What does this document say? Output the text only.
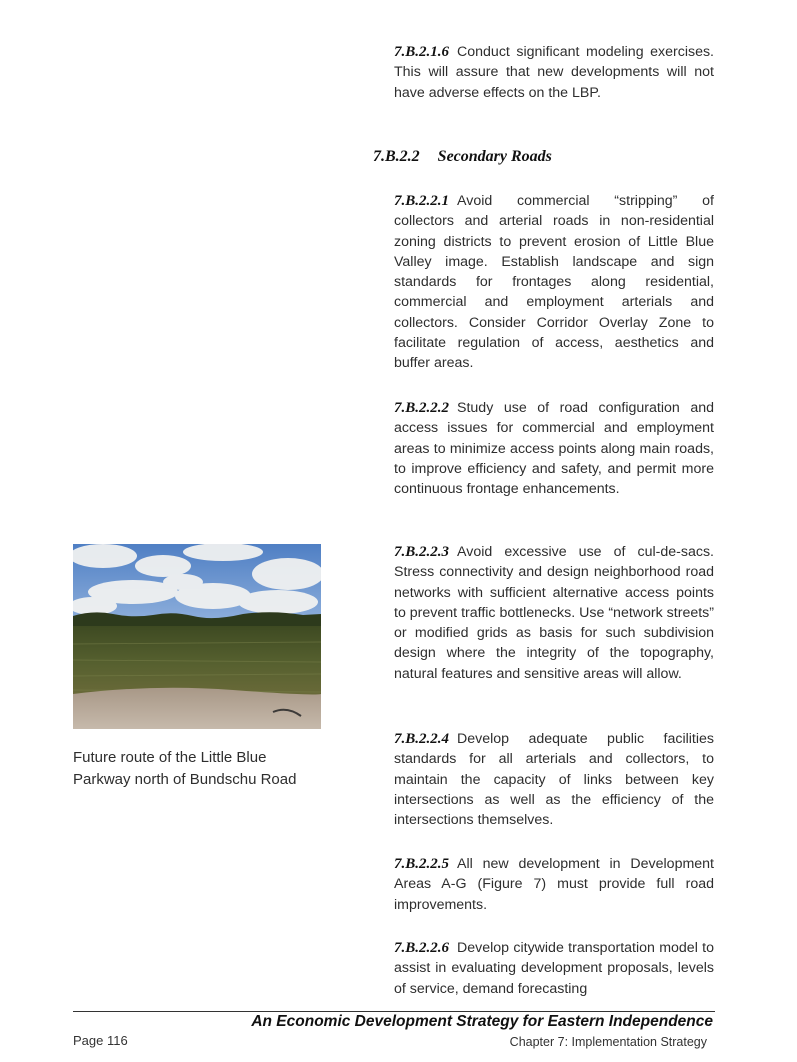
7.B.2.1.6 Conduct significant modeling exercises. This will assure that new developments will not have adverse effects on the LBP.
7.B.2.2 Secondary Roads
7.B.2.2.1 Avoid commercial “stripping” of collectors and arterial roads in non-residential zoning districts to prevent erosion of Little Blue Valley image. Establish landscape and sign standards for frontages along residential, commercial and employment arterials and collectors. Consider Corridor Overlay Zone to facilitate regulation of access, aesthetics and buffer areas.
7.B.2.2.2 Study use of road configuration and access issues for commercial and employment areas to minimize access points along main roads, to improve efficiency and safety, and permit more continuous frontage enhancements.
7.B.2.2.3 Avoid excessive use of cul-de-sacs. Stress connectivity and design neighborhood road networks with sufficient alternative access points to prevent traffic bottlenecks. Use “network streets” or modified grids as basis for such subdivision design where the integrity of the topography, natural features and sensitive areas will allow.
7.B.2.2.4 Develop adequate public facilities standards for all arterials and collectors, to maintain the capacity of links between key intersections as well as the efficiency of the intersections themselves.
7.B.2.2.5 All new development in Development Areas A-G (Figure 7) must provide full road improvements.
7.B.2.2.6 Develop citywide transportation model to assist in evaluating development proposals, levels of service, demand forecasting
Future route of the Little Blue
Parkway north of Bundschu Road
An Economic Development Strategy for Eastern Independence
Page 116	Chapter 7: Implementation Strategy
